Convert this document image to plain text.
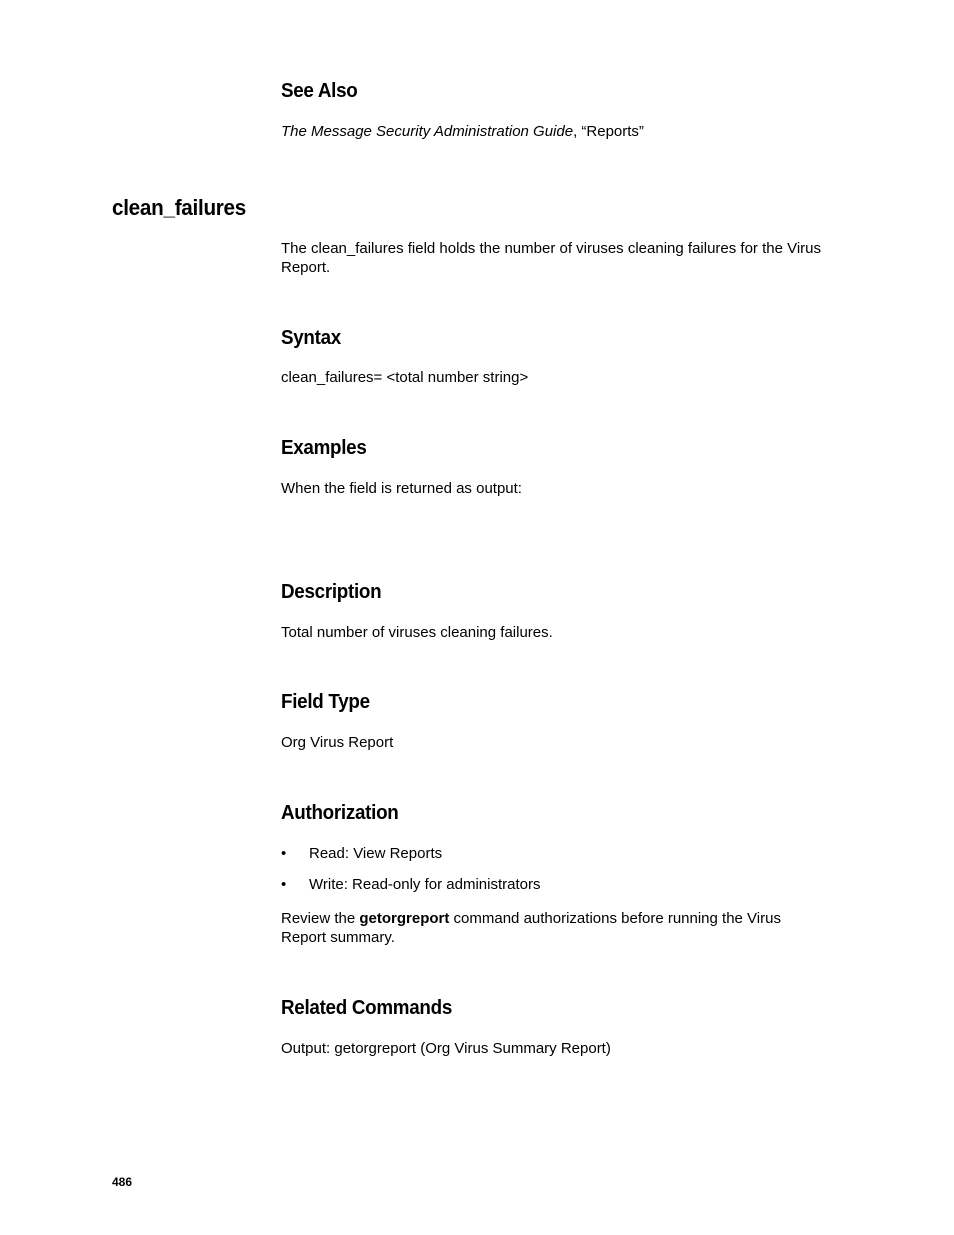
See Also

The Message Security Administration Guide, “Reports”

clean_failures

The clean_failures field holds the number of viruses cleaning failures for the Virus Report.

Syntax

clean_failures= <total number string>

Examples

When the field is returned as output:

Description

Total number of viruses cleaning failures.

Field Type

Org Virus Report

Authorization
• Read: View Reports

• Write: Read-only for administrators

Review the getorgreport command authorizations before running the Virus Report summary.

Related Commands

Output: getorgreport (Org Virus Summary Report)

486
